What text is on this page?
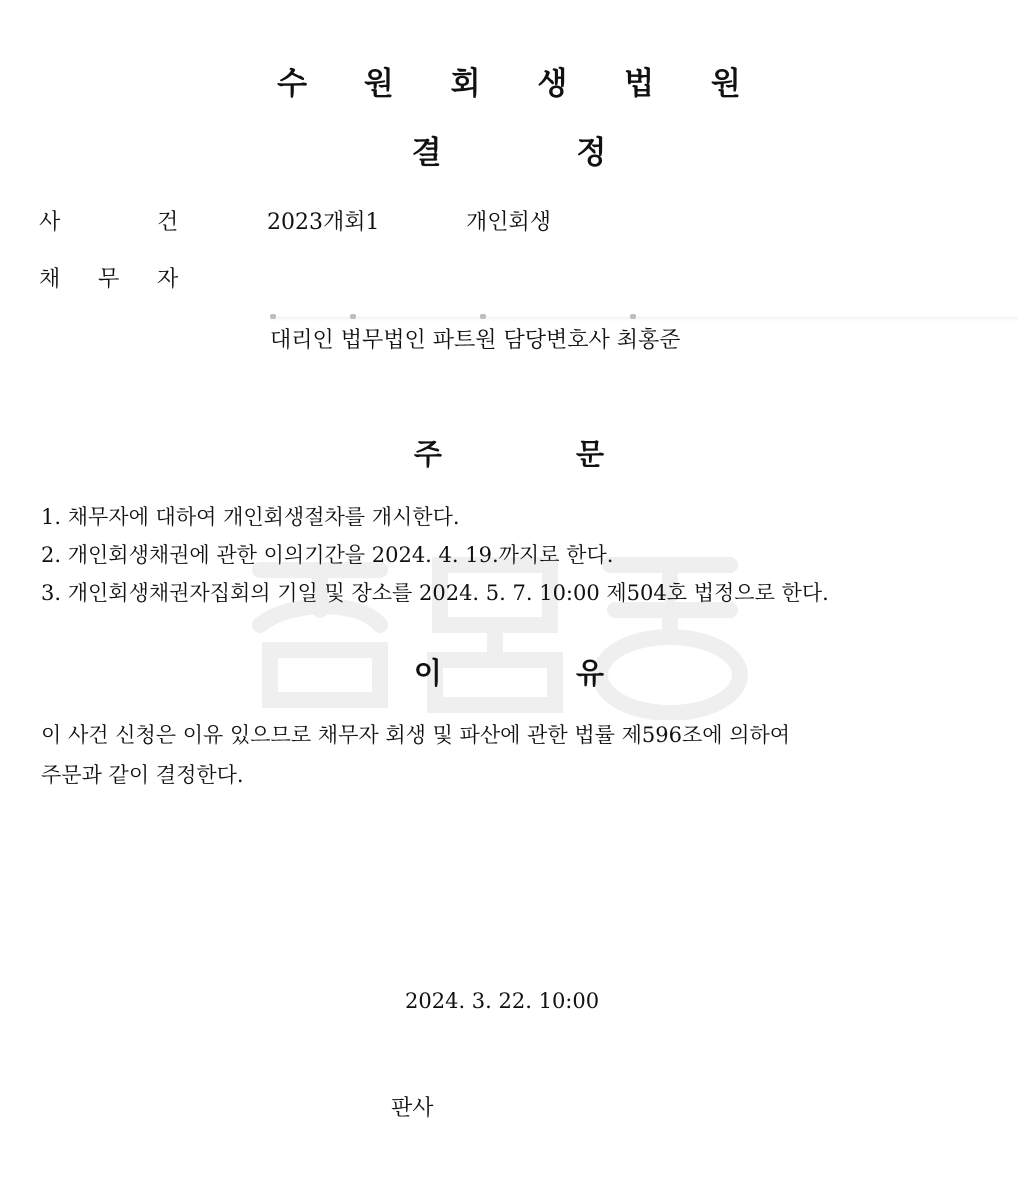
수 원 회 생 법 원
결	정
사	건	2023개회1	개인회생
채 무 자
대리인 법무법인 파트원 담당변호사 최홍준
주	문
1. 채무자에 대하여 개인회생절차를 개시한다.
2. 개인회생채권에 관한 이의기간을 2024. 4. 19.까지로 한다.
3. 개인회생채권자집회의 기일 및 장소를 2024. 5. 7. 10:00 제504호 법정으로 한다.
이	유
이 사건 신청은 이유 있으므로 채무자 회생 및 파산에 관한 법률 제596조에 의하여
주문과 같이 결정한다.
2024. 3. 22. 10:00
판사
